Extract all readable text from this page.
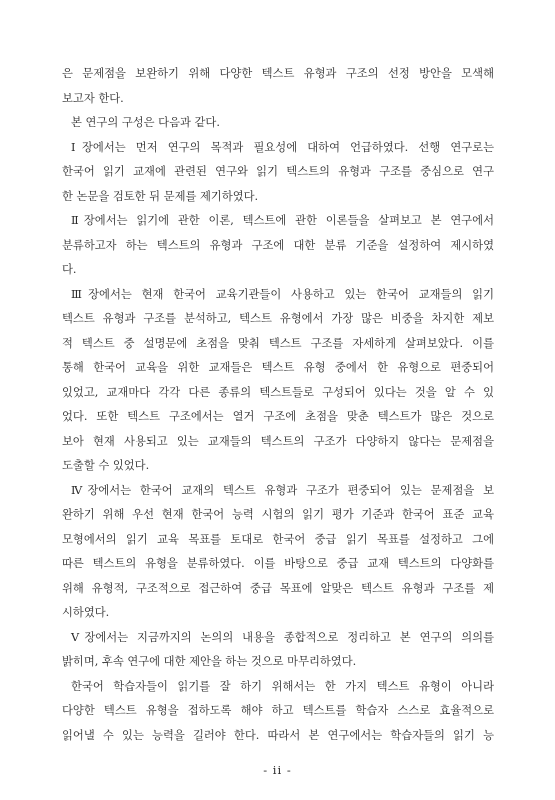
은 문제점을 보완하기 위해 다양한 텍스트 유형과 구조의 선정 방안을 모색해
보고자 한다.
본 연구의 구성은 다음과 같다.
Ⅰ장에서는 먼저 연구의 목적과 필요성에 대하여 언급하였다. 선행 연구로는
한국어 읽기 교재에 관련된 연구와 읽기 텍스트의 유형과 구조를 중심으로 연구
한 논문을 검토한 뒤 문제를 제기하였다.
Ⅱ장에서는 읽기에 관한 이론, 텍스트에 관한 이론들을 살펴보고 본 연구에서
분류하고자 하는 텍스트의 유형과 구조에 대한 분류 기준을 설정하여 제시하였
다.
Ⅲ장에서는 현재 한국어 교육기관들이 사용하고 있는 한국어 교재들의 읽기
텍스트 유형과 구조를 분석하고, 텍스트 유형에서 가장 많은 비중을 차지한 제보
적 텍스트 중 설명문에 초점을 맞춰 텍스트 구조를 자세하게 살펴보았다. 이를
통해 한국어 교육을 위한 교재들은 텍스트 유형 중에서 한 유형으로 편중되어
있었고, 교재마다 각각 다른 종류의 텍스트들로 구성되어 있다는 것을 알 수 있
었다. 또한 텍스트 구조에서는 열거 구조에 초점을 맞춘 텍스트가 많은 것으로
보아 현재 사용되고 있는 교재들의 텍스트의 구조가 다양하지 않다는 문제점을
도출할 수 있었다.
Ⅳ장에서는 한국어 교재의 텍스트 유형과 구조가 편중되어 있는 문제점을 보
완하기 위해 우선 현재 한국어 능력 시험의 읽기 평가 기준과 한국어 표준 교육
모형에서의 읽기 교육 목표를 토대로 한국어 중급 읽기 목표를 설정하고 그에
따른 텍스트의 유형을 분류하였다. 이를 바탕으로 중급 교재 텍스트의 다양화를
위해 유형적, 구조적으로 접근하여 중급 목표에 알맞은 텍스트 유형과 구조를 제
시하였다.
Ⅴ장에서는 지금까지의 논의의 내용을 종합적으로 정리하고 본 연구의 의의를
밝히며, 후속 연구에 대한 제안을 하는 것으로 마무리하였다.
한국어 학습자들이 읽기를 잘 하기 위해서는 한 가지 텍스트 유형이 아니라
다양한 텍스트 유형을 접하도록 해야 하고 텍스트를 학습자 스스로 효율적으로
읽어낼 수 있는 능력을 길러야 한다. 따라서 본 연구에서는 학습자들의 읽기 능
- ii -
